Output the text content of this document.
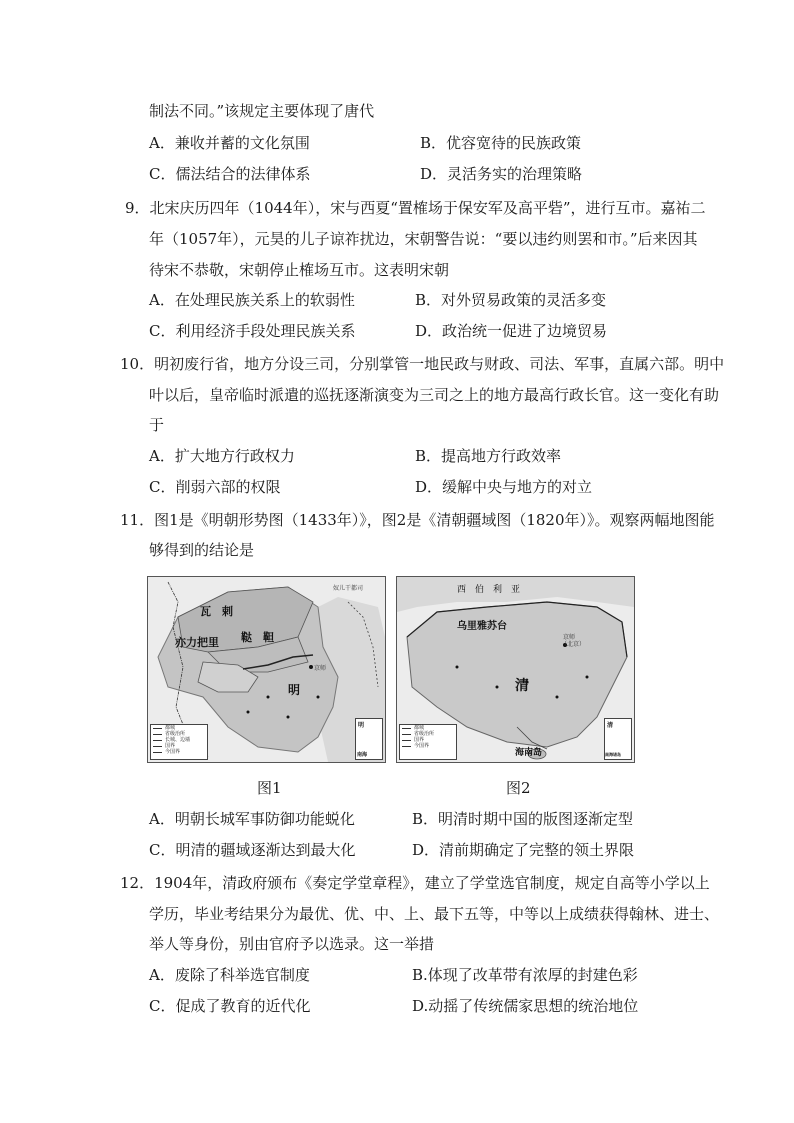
制法不同。”该规定主要体现了唐代
A．兼收并蓄的文化氛围	B．优容宽待的民族政策
C．儒法结合的法律体系	D．灵活务实的治理策略
9．北宋庆历四年（1044年），宋与西夏“置榷场于保安军及高平砦”，进行互市。嘉祐二
年（1057年），元昊的儿子谅祚扰边，宋朝警告说：“要以违约则罢和市。”后来因其
待宋不恭敬，宋朝停止榷场互市。这表明宋朝
A．在处理民族关系上的软弱性	B．对外贸易政策的灵活多变
C．利用经济手段处理民族关系	D．政治统一促进了边境贸易
10．明初废行省，地方分设三司，分别掌管一地民政与财政、司法、军事，直属六部。明中
叶以后，皇帝临时派遣的巡抚逐渐演变为三司之上的地方最高行政长官。这一变化有助
于
A．扩大地方行政权力	B．提高地方行政效率
C．削弱六部的权限	D．缓解中央与地方的对立
11．图1是《明朝形势图（1433年）》，图2是《清朝疆域图（1820年）》。观察两幅地图能
够得到的结论是
瓦　剌
鞑　靼
亦力把里
明
奴儿干都司
京师
都城
省级治所
长城、边墙
国界
今国界
明
南海
西　伯　利　亚
乌里雅苏台
清
京师
（北京）
海南岛
都城
省级治所
国界
今国界
清
南海诸岛
图1	图2
A．明朝长城军事防御功能蜕化	B．明清时期中国的版图逐渐定型
C．明清的疆域逐渐达到最大化	D．清前期确定了完整的领土界限
12．1904年，清政府颁布《奏定学堂章程》，建立了学堂选官制度，规定自高等小学以上
学历，毕业考结果分为最优、优、中、上、最下五等，中等以上成绩获得翰林、进士、
举人等身份，别由官府予以选录。这一举措
A．废除了科举选官制度	B.体现了改革带有浓厚的封建色彩
C．促成了教育的近代化	D.动摇了传统儒家思想的统治地位
